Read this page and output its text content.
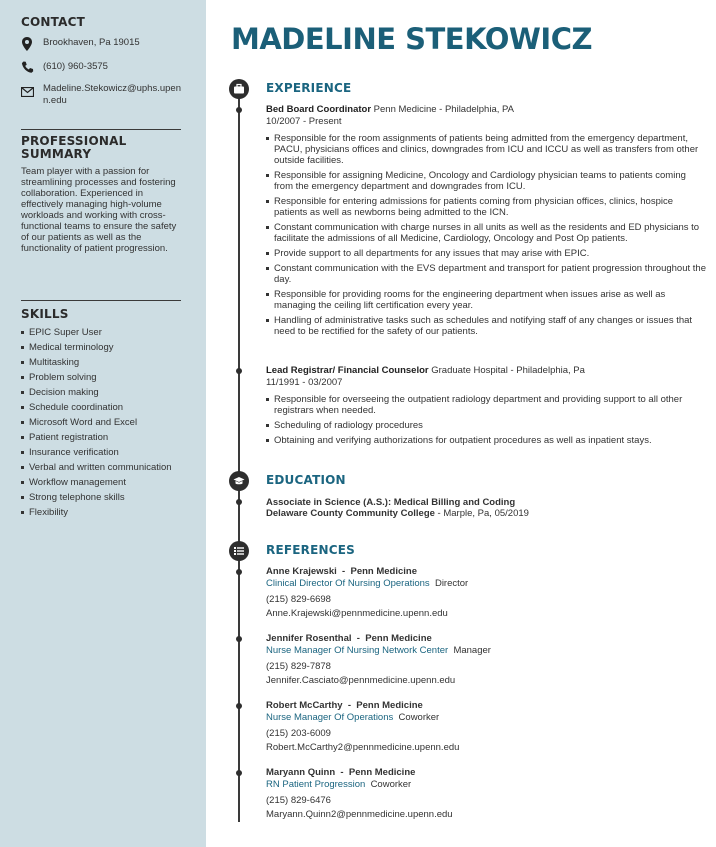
CONTACT
Brookhaven, Pa 19015
(610) 960-3575
Madeline.Stekowicz@uphs.upenn.edu
PROFESSIONAL SUMMARY
Team player with a passion for streamlining processes and fostering collaboration. Experienced in effectively managing high-volume workloads and working with cross-functional teams to ensure the safety of our patients as well as the functionality of patient progression.
SKILLS
EPIC Super User
Medical terminology
Multitasking
Problem solving
Decision making
Schedule coordination
Microsoft Word and Excel
Patient registration
Insurance verification
Verbal and written communication
Workflow management
Strong telephone skills
Flexibility
MADELINE STEKOWICZ
EXPERIENCE
Bed Board Coordinator Penn Medicine - Philadelphia, PA
10/2007 - Present
Responsible for the room assignments of patients being admitted from the emergency department, PACU, physicians offices and clinics, downgrades from ICU and ICCU as well as transfers from other outside facilities.
Responsible for assigning Medicine, Oncology and Cardiology physician teams to patients coming from the emergency department and downgrades from ICU.
Responsible for entering admissions for patients coming from physician offices, clinics, hospice patients as well as newborns being admitted to the ICN.
Constant communication with charge nurses in all units as well as the residents and ED physicians to facilitate the admissions of all Medicine, Cardiology, Oncology and Post Op patients.
Provide support to all departments for any issues that may arise with EPIC.
Constant communication with the EVS department and transport for patient progression throughout the day.
Responsible for providing rooms for the engineering department when issues arise as well as managing the ceiling lift certification every year.
Handling of administrative tasks such as schedules and notifying staff of any changes or issues that need to be rectified for the safety of our patients.
Lead Registrar/ Financial Counselor Graduate Hospital - Philadelphia, Pa
11/1991 - 03/2007
Responsible for overseeing the outpatient radiology department and providing support to all other registrars when needed.
Scheduling of radiology procedures
Obtaining and verifying authorizations for outpatient procedures as well as inpatient stays.
EDUCATION
Associate in Science (A.S.): Medical Billing and Coding
Delaware County Community College - Marple, Pa, 05/2019
REFERENCES
Anne Krajewski  -  Penn Medicine
Clinical Director Of Nursing Operations Director
(215) 829-6698
Anne.Krajewski@pennmedicine.upenn.edu
Jennifer Rosenthal  -  Penn Medicine
Nurse Manager Of Nursing Network Center Manager
(215) 829-7878
Jennifer.Casciato@pennmedicine.upenn.edu
Robert McCarthy  -  Penn Medicine
Nurse Manager Of Operations Coworker
(215) 203-6009
Robert.McCarthy2@pennmedicine.upenn.edu
Maryann Quinn  -  Penn Medicine
RN Patient Progression Coworker
(215) 829-6476
Maryann.Quinn2@pennmedicine.upenn.edu
